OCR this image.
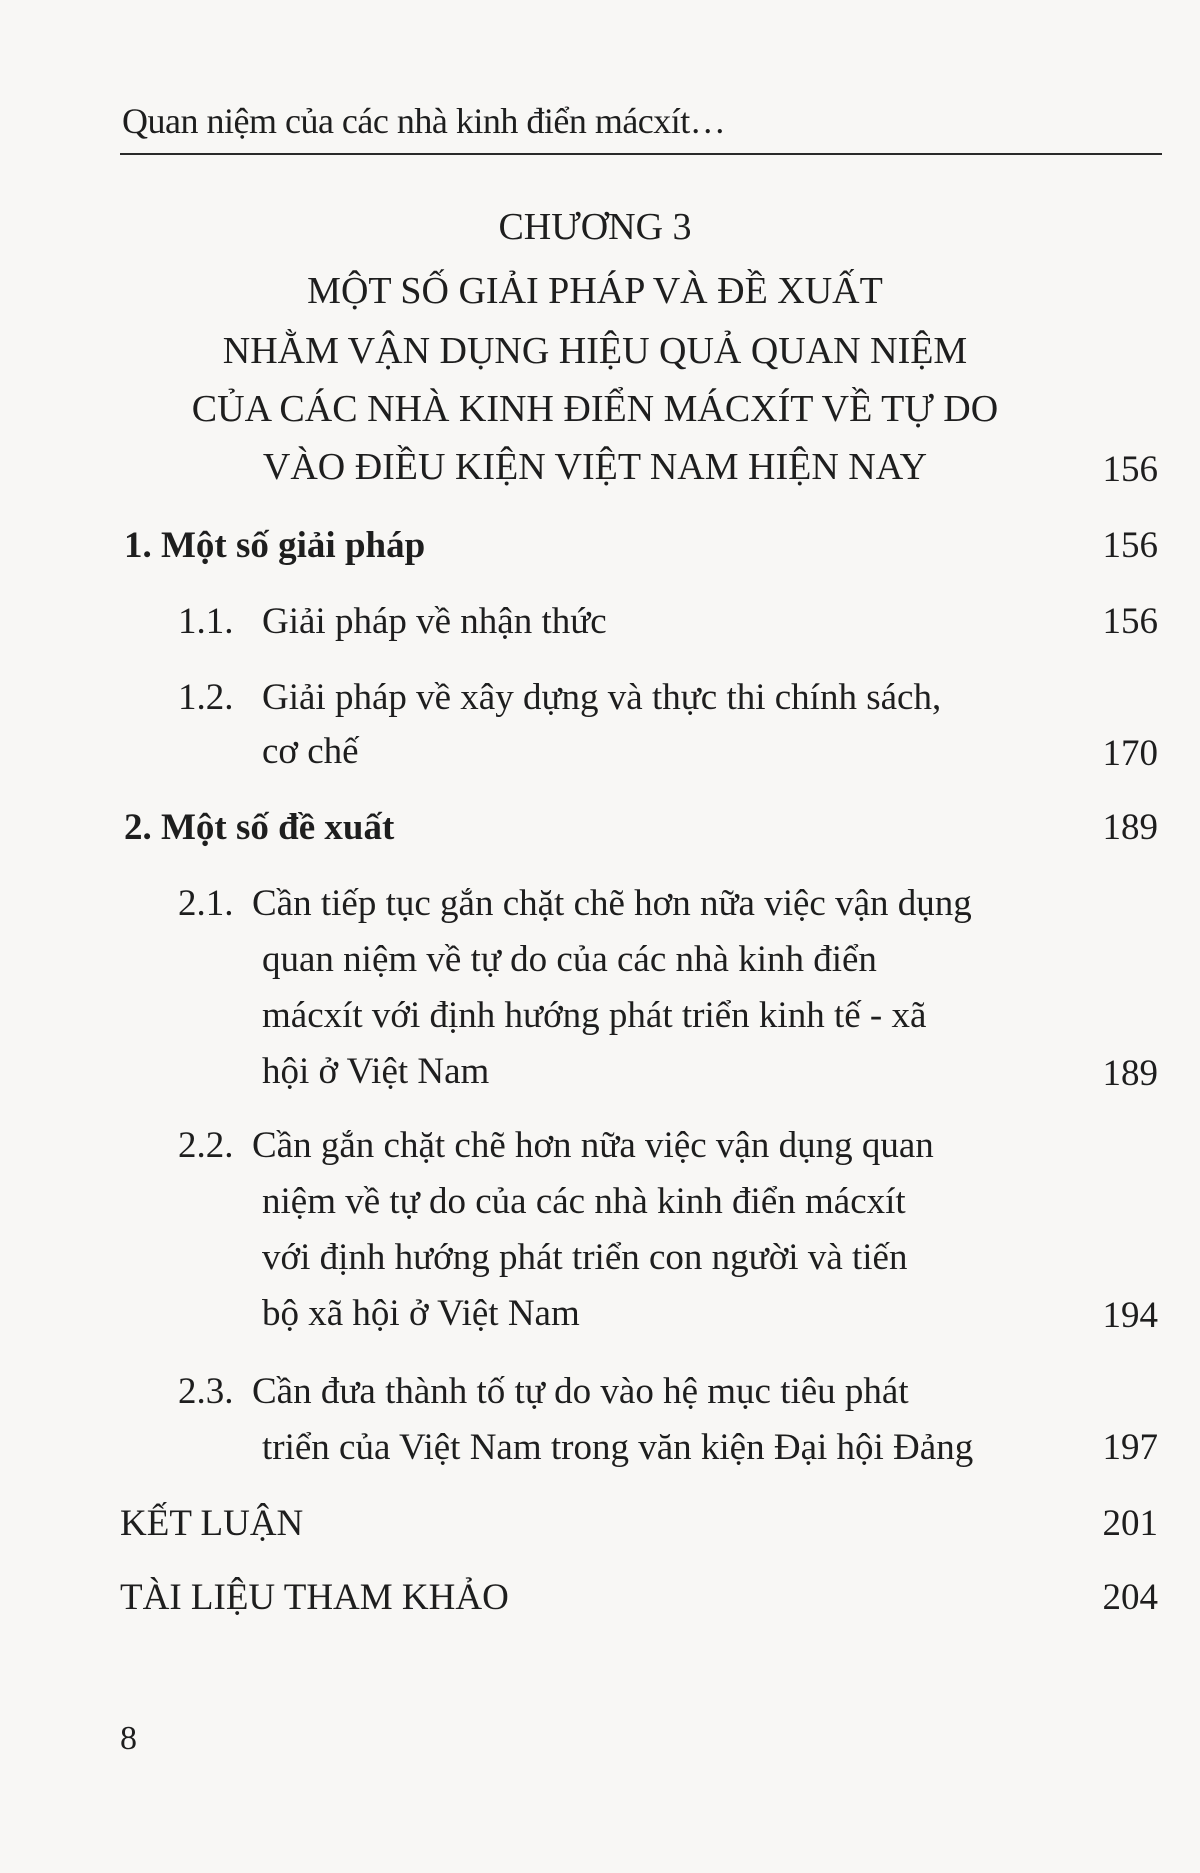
Quan niệm của các nhà kinh điển mácxít…
CHƯƠNG 3
MỘT SỐ GIẢI PHÁP VÀ ĐỀ XUẤT
NHẰM VẬN DỤNG HIỆU QUẢ QUAN NIỆM
CỦA CÁC NHÀ KINH ĐIỂN MÁCXÍT VỀ TỰ DO
VÀO ĐIỀU KIỆN VIỆT NAM HIỆN NAY	156
1. Một số giải pháp	156
1.1. Giải pháp về nhận thức	156
1.2. Giải pháp về xây dựng và thực thi chính sách,
cơ chế	170
2. Một số đề xuất	189
2.1. Cần tiếp tục gắn chặt chẽ hơn nữa việc vận dụng
quan niệm về tự do của các nhà kinh điển
mácxít với định hướng phát triển kinh tế - xã
hội ở Việt Nam	189
2.2. Cần gắn chặt chẽ hơn nữa việc vận dụng quan
niệm về tự do của các nhà kinh điển mácxít
với định hướng phát triển con người và tiến
bộ xã hội ở Việt Nam	194
2.3. Cần đưa thành tố tự do vào hệ mục tiêu phát
triển của Việt Nam trong văn kiện Đại hội Đảng	197
KẾT LUẬN	201
TÀI LIỆU THAM KHẢO	204
8
